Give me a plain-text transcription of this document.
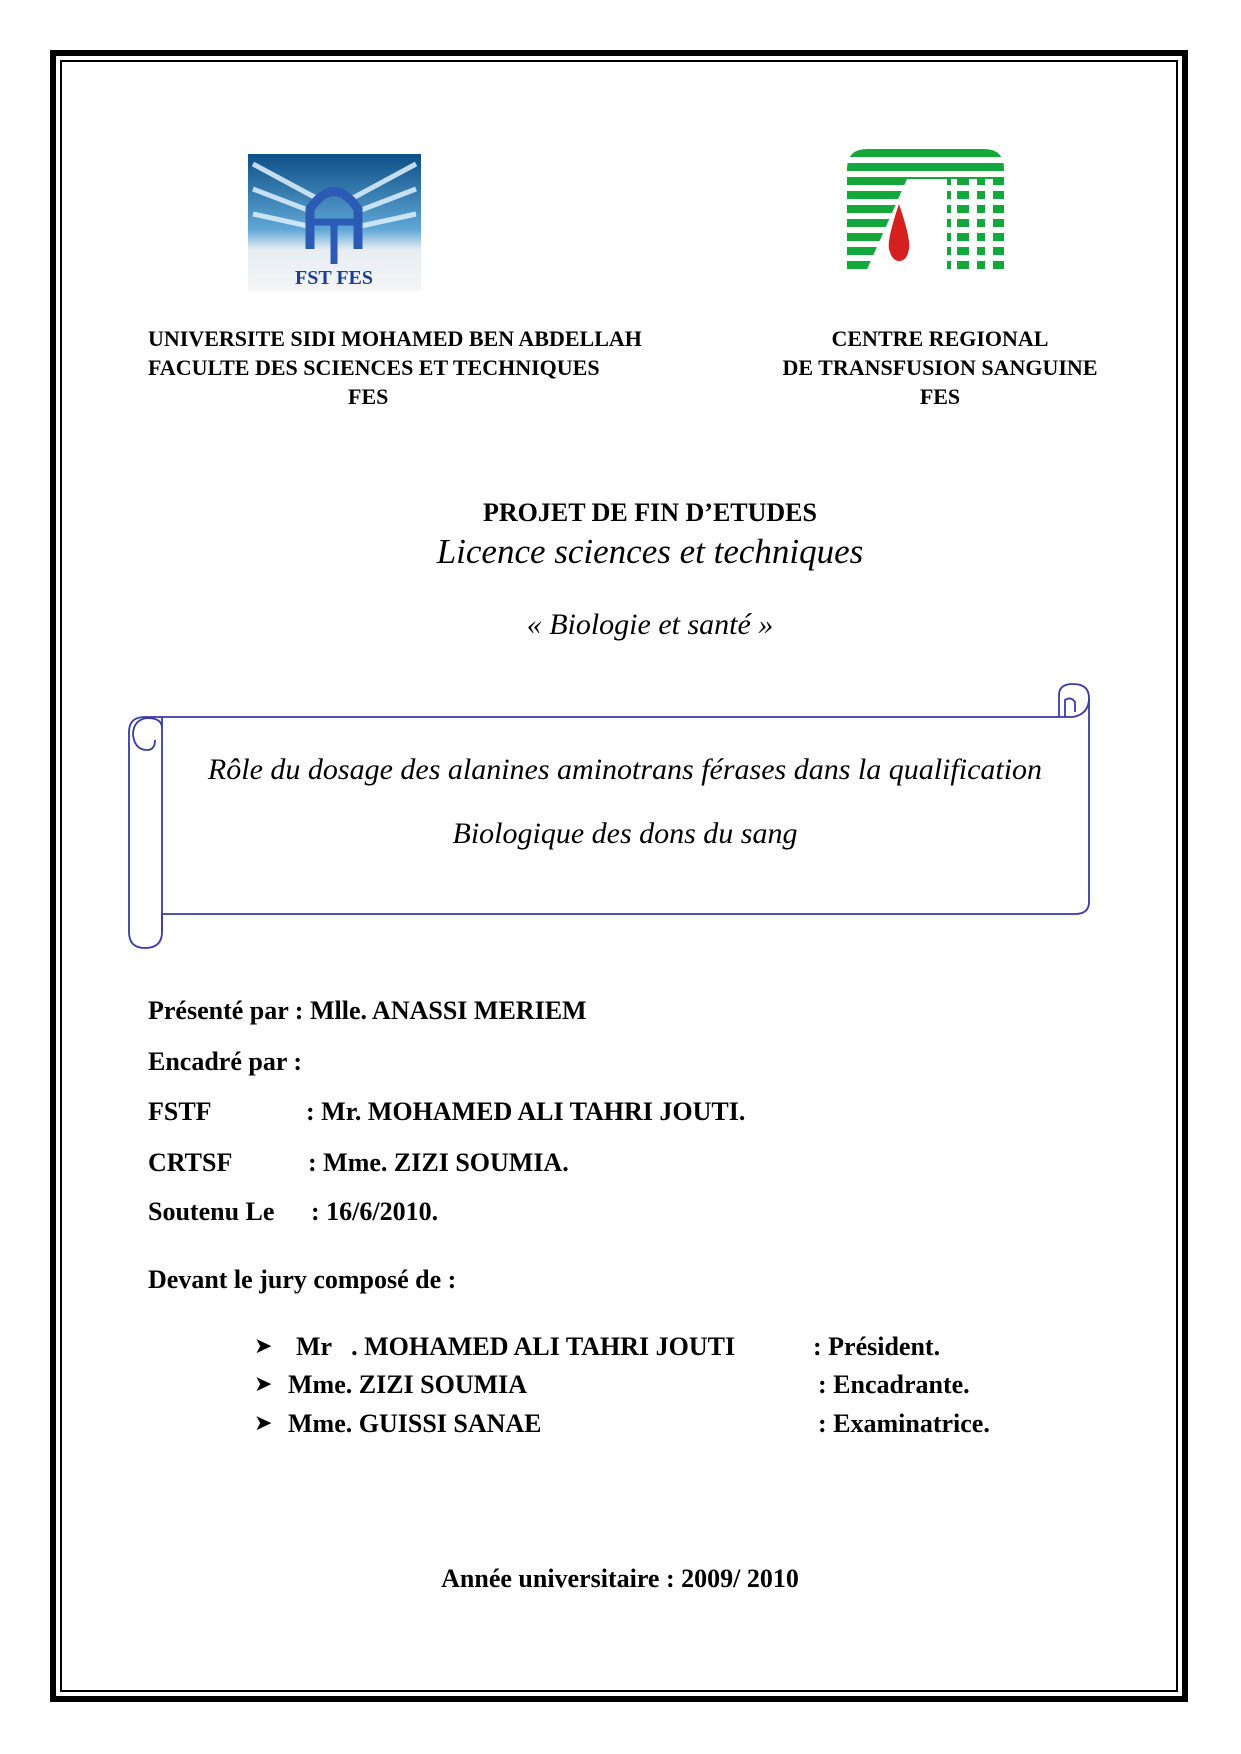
FST FES
UNIVERSITE SIDI MOHAMED BEN ABDELLAH
FACULTE DES SCIENCES ET TECHNIQUES
FES
CENTRE REGIONAL
DE TRANSFUSION SANGUINE
FES
PROJET DE FIN D’ETUDES
Licence sciences et techniques
« Biologie et santé »
Rôle du dosage des alanines aminotrans férases dans la qualification
Biologique des dons du sang
Présenté par : Mlle. ANASSI MERIEM
Encadré par :
FSTF	: Mr. MOHAMED ALI TAHRI JOUTI.
CRTSF	: Mme. ZIZI SOUMIA.
Soutenu Le : 16/6/2010.
Devant le jury composé de :
➤ Mr   . MOHAMED ALI TAHRI JOUTI	: Président.
➤ Mme. ZIZI SOUMIA	: Encadrante.
➤ Mme. GUISSI SANAE	: Examinatrice.
Année universitaire : 2009/ 2010
